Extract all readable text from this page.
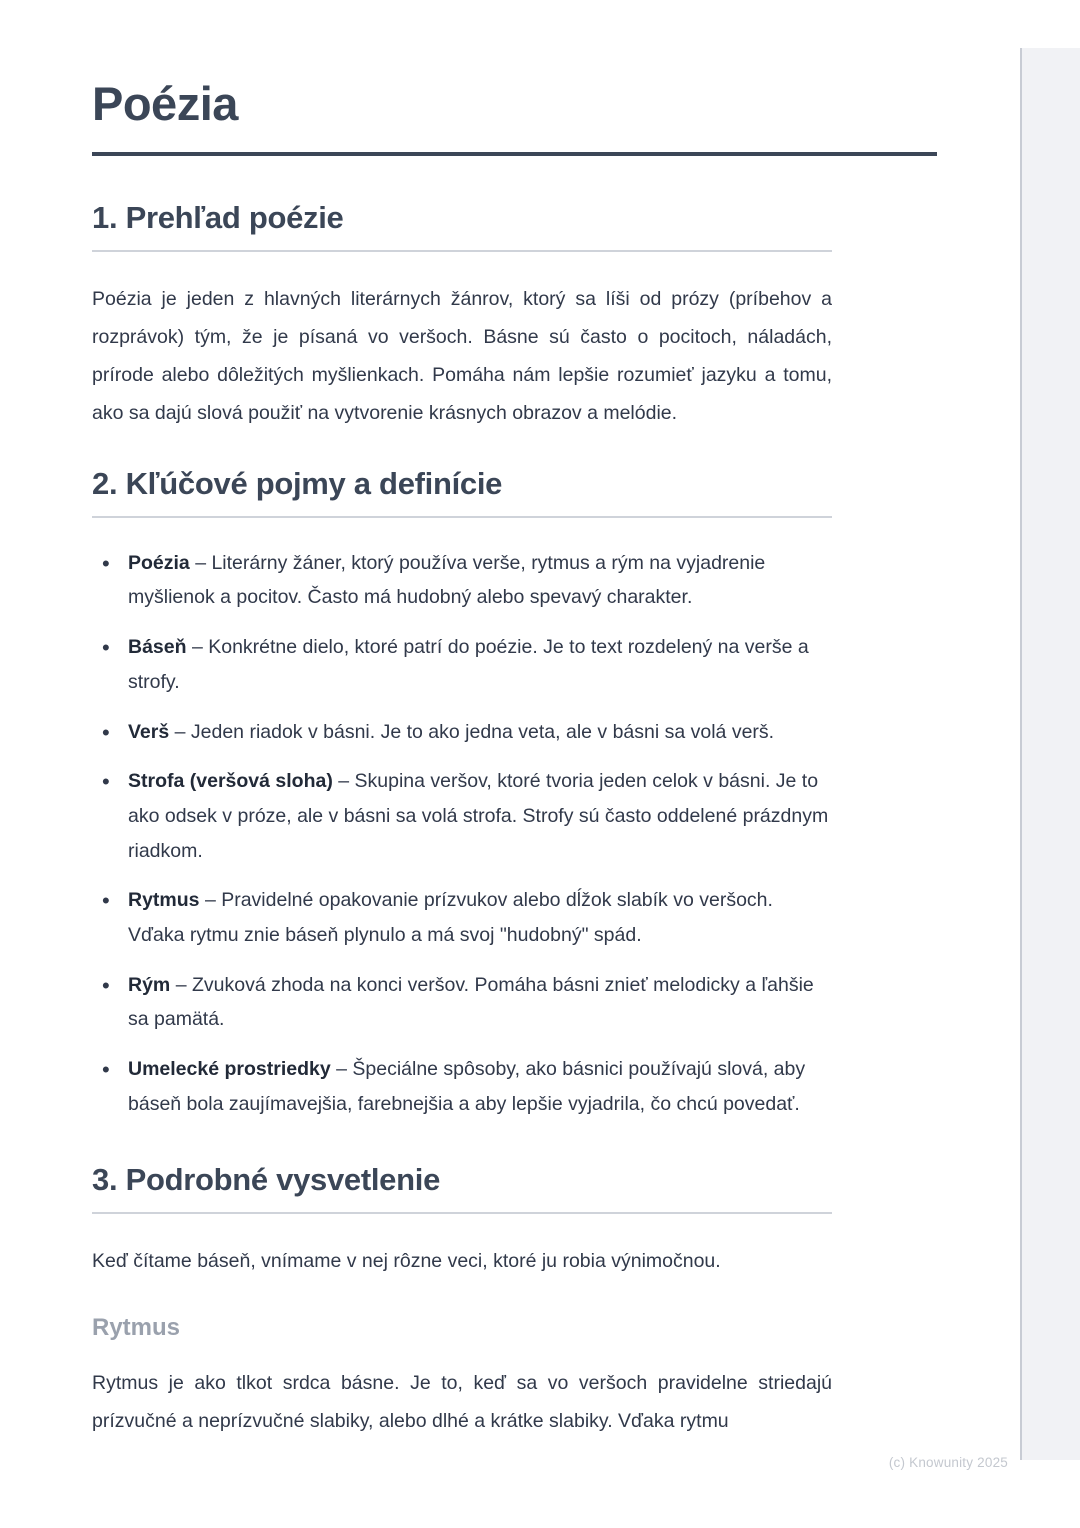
Poézia
1. Prehľad poézie

Poézia je jeden z hlavných literárnych žánrov, ktorý sa líši od prózy (príbehov a rozprávok) tým, že je písaná vo veršoch. Básne sú často o pocitoch, náladách, prírode alebo dôležitých myšlienkach. Pomáha nám lepšie rozumieť jazyku a tomu, ako sa dajú slová použiť na vytvorenie krásnych obrazov a melódie.

2. Kľúčové pojmy a definície
• Poézia – Literárny žáner, ktorý používa verše, rytmus a rým na vyjadrenie myšlienok a pocitov. Často má hudobný alebo spevavý charakter.
• Báseň – Konkrétne dielo, ktoré patrí do poézie. Je to text rozdelený na verše a strofy.
• Verš – Jeden riadok v básni. Je to ako jedna veta, ale v básni sa volá verš.
• Strofa (veršová sloha) – Skupina veršov, ktoré tvoria jeden celok v básni. Je to ako odsek v próze, ale v básni sa volá strofa. Strofy sú často oddelené prázdnym riadkom.
• Rytmus – Pravidelné opakovanie prízvukov alebo dĺžok slabík vo veršoch. Vďaka rytmu znie báseň plynulo a má svoj "hudobný" spád.
• Rým – Zvuková zhoda na konci veršov. Pomáha básni znieť melodicky a ľahšie sa pamätá.
• Umelecké prostriedky – Špeciálne spôsoby, ako básnici používajú slová, aby báseň bola zaujímavejšia, farebnejšia a aby lepšie vyjadrila, čo chcú povedať.
3. Podrobné vysvetlenie

Keď čítame báseň, vnímame v nej rôzne veci, ktoré ju robia výnimočnou.

Rytmus

Rytmus je ako tlkot srdca básne. Je to, keď sa vo veršoch pravidelne striedajú prízvučné a neprízvučné slabiky, alebo dlhé a krátke slabiky. Vďaka rytmu

(c) Knowunity 2025
